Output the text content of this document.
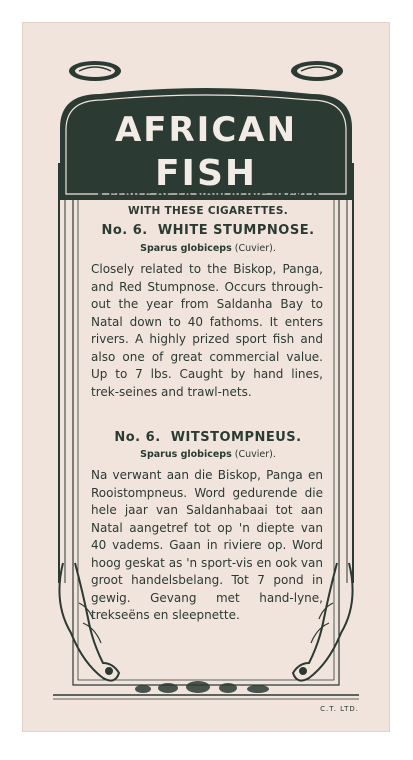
AFRICAN
FISH
A SERIES OF 50 NOW BEING PACKED WITH THESE CIGARETTES.
No. 6. WHITE STUMPNOSE.
Sparus globiceps (Cuvier).

Closely related to the Biskop, Panga, and Red Stumpnose. Occurs through-out the year from Saldanha Bay to Natal down to 40 fathoms. It enters rivers. A highly prized sport fish and also one of great commercial value. Up to 7 lbs. Caught by hand lines, trek-seines and trawl-nets.

No. 6. WITSTOMPNEUS.
Sparus globiceps (Cuvier).

Na verwant aan die Biskop, Panga en Rooistompneus. Word gedurende die hele jaar van Saldanhabaai tot aan Natal aangetref tot op 'n diepte van 40 vadems. Gaan in riviere op. Word hoog geskat as 'n sport-vis en ook van groot handelsbelang. Tot 7 pond in gewig. Gevang met hand-lyne, trekseëns en sleepnette.

C.T. LTD.
